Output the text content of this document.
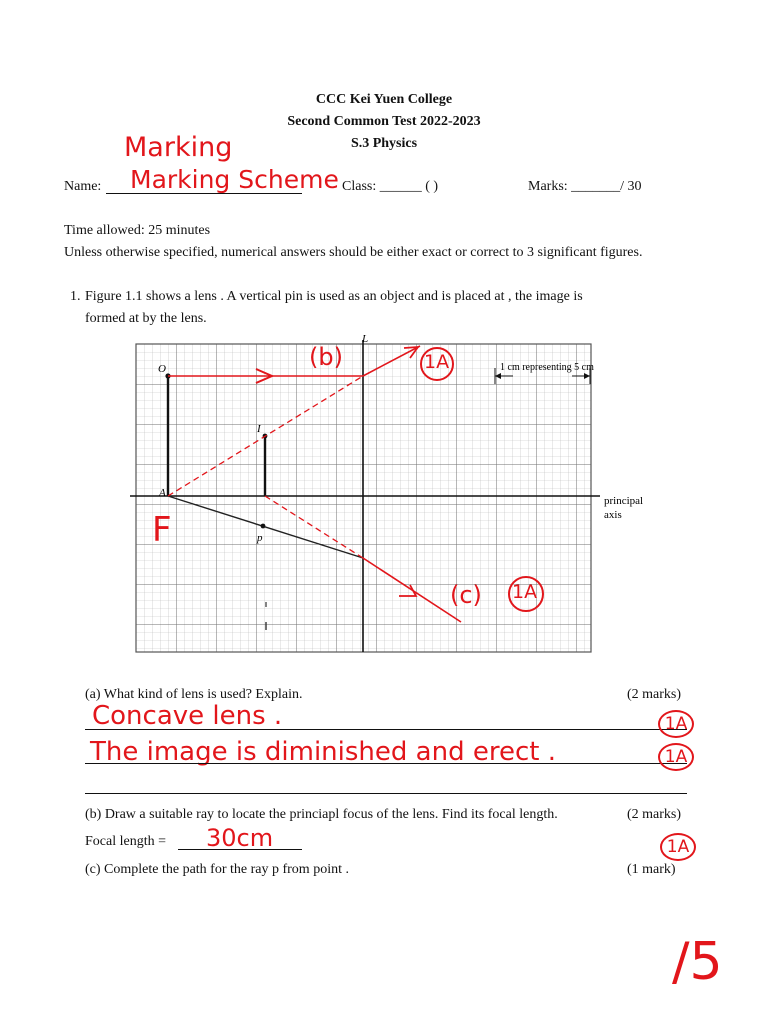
CCC Kei Yuen College
Second Common Test 2022-2023
S.3 Physics
Marking
Name: Marking Scheme Class: ______ ( )	Marks: _______/ 30
Time allowed: 25 minutes
Unless otherwise specified, numerical answers should be either exact or correct to 3 significant figures.
1. Figure 1.1 shows a lens . A vertical pin is used as an object and is placed at , the image is
formed at by the lens.
L
O
I
A
p
1 cm representing 5 cm
principal
axis
(b)	1A
(c) 1A
F
(a) What kind of lens is used? Explain.	(2 marks)
Concave lens .
The image is diminished and erect .
1A
1A
(b) Draw a suitable ray to locate the princiapl focus of the lens. Find its focal length.	(2 marks)
Focal length = 30cm	1A
(c) Complete the path for the ray p from point .	(1 mark)
/5
